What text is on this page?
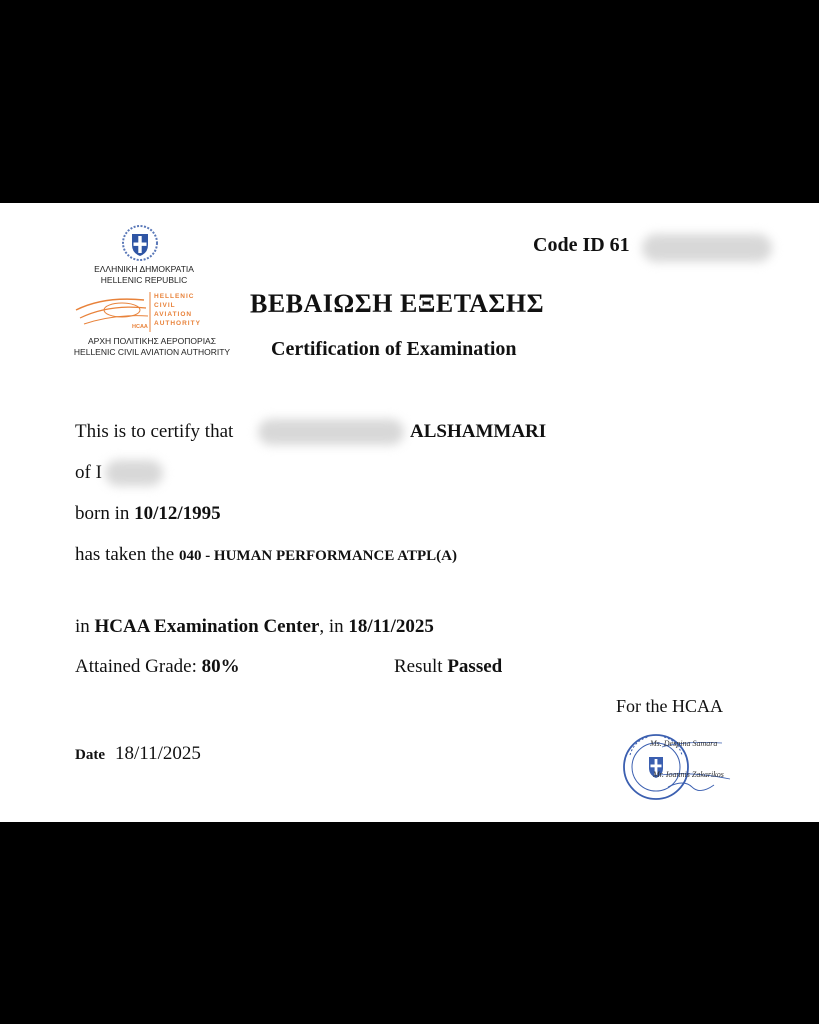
ΕΛΛΗΝΙΚΗ ΔΗΜΟΚΡΑΤΙΑ
HELLENIC REPUBLIC
HCAA
HELLENIC
CIVIL
AVIATION
AUTHORITY
ΑΡΧΗ ΠΟΛΙΤΙΚΗΣ ΑΕΡΟΠΟΡΙΑΣ
HELLENIC CIVIL AVIATION AUTHORITY
Code ID 61
ΒΕΒΑΙΩΣΗ ΕΞΕΤΑΣΗΣ
Certification of Examination
This is to certify that	ALSHAMMARI
of I
born in 10/12/1995
has taken the 040 - HUMAN PERFORMANCE ATPL(A)
in HCAA Examination Center, in 18/11/2025
Attained Grade: 80%	Result Passed
For the HCAA
Date 18/11/2025	Ms. Despina Samara
Mr. Ioannis Zakarikos
